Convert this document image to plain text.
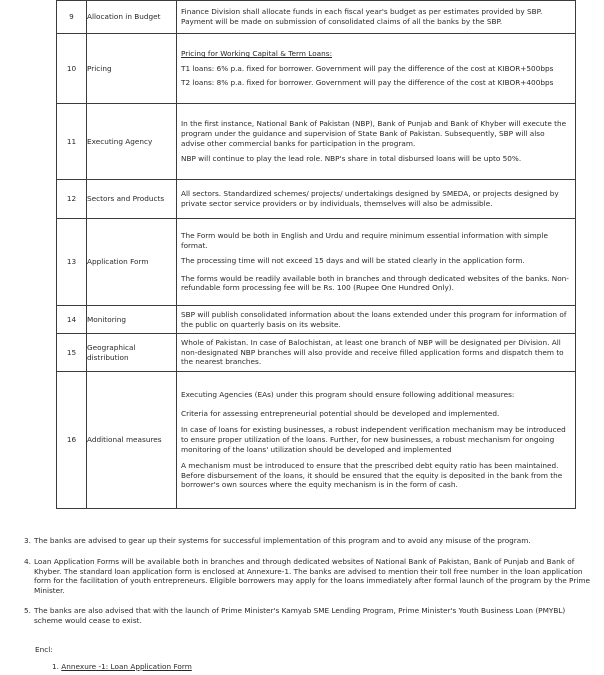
9	Allocation in Budget	Finance Division shall allocate funds in each fiscal year's budget as per estimates provided by SBP. Payment will be made on submission of consolidated claims of all the banks by the SBP.

10	Pricing	Pricing for Working Capital & Term Loans:

T1 loans: 6% p.a. fixed for borrower. Government will pay the difference of the cost at KIBOR+500bps

T2 loans: 8% p.a. fixed for borrower. Government will pay the difference of the cost at KIBOR+400bps

11	Executing Agency	In the first instance, National Bank of Pakistan (NBP), Bank of Punjab and Bank of Khyber will execute the program under the guidance and supervision of State Bank of Pakistan. Subsequently, SBP will also advise other commercial banks for participation in the program.

NBP will continue to play the lead role. NBP's share in total disbursed loans will be upto 50%.

12	Sectors and Products	All sectors. Standardized schemes/ projects/ undertakings designed by SMEDA, or projects designed by private sector service providers or by individuals, themselves will also be admissible.

13	Application Form	The Form would be both in English and Urdu and require minimum essential information with simple format.

The processing time will not exceed 15 days and will be stated clearly in the application form.

The forms would be readily available both in branches and through dedicated websites of the banks. Non-refundable form processing fee will be Rs. 100 (Rupee One Hundred Only).

14	Monitoring	SBP will publish consolidated information about the loans extended under this program for information of the public on quarterly basis on its website.

15	Geographical distribution	Whole of Pakistan. In case of Balochistan, at least one branch of NBP will be designated per Division. All non-designated NBP branches will also provide and receive filled application forms and dispatch them to the nearest branches.

16	Additional measures	Executing Agencies (EAs) under this program should ensure following additional measures:

Criteria for assessing entrepreneurial potential should be developed and implemented.

In case of loans for existing businesses, a robust independent verification mechanism may be introduced to ensure proper utilization of the loans. Further, for new businesses, a robust mechanism for ongoing monitoring of the loans' utilization should be developed and implemented

A mechanism must be introduced to ensure that the prescribed debt equity ratio has been maintained. Before disbursement of the loans, it should be ensured that the equity is deposited in the bank from the borrower's own sources where the equity mechanism is in the form of cash.

3. The banks are advised to gear up their systems for successful implementation of this program and to avoid any misuse of the program.
4. Loan Application Forms will be available both in branches and through dedicated websites of National Bank of Pakistan, Bank of Punjab and Bank of Khyber. The standard loan application form is enclosed at Annexure-1. The banks are advised to mention their toll free number in the loan application form for the facilitation of youth entrepreneurs. Eligible borrowers may apply for the loans immediately after formal launch of the program by the Prime Minister.
5. The banks are also advised that with the launch of Prime Minister's Kamyab SME Lending Program, Prime Minister's Youth Business Loan (PMYBL) scheme would cease to exist.

Encl:

1. Annexure -1: Loan Application Form
